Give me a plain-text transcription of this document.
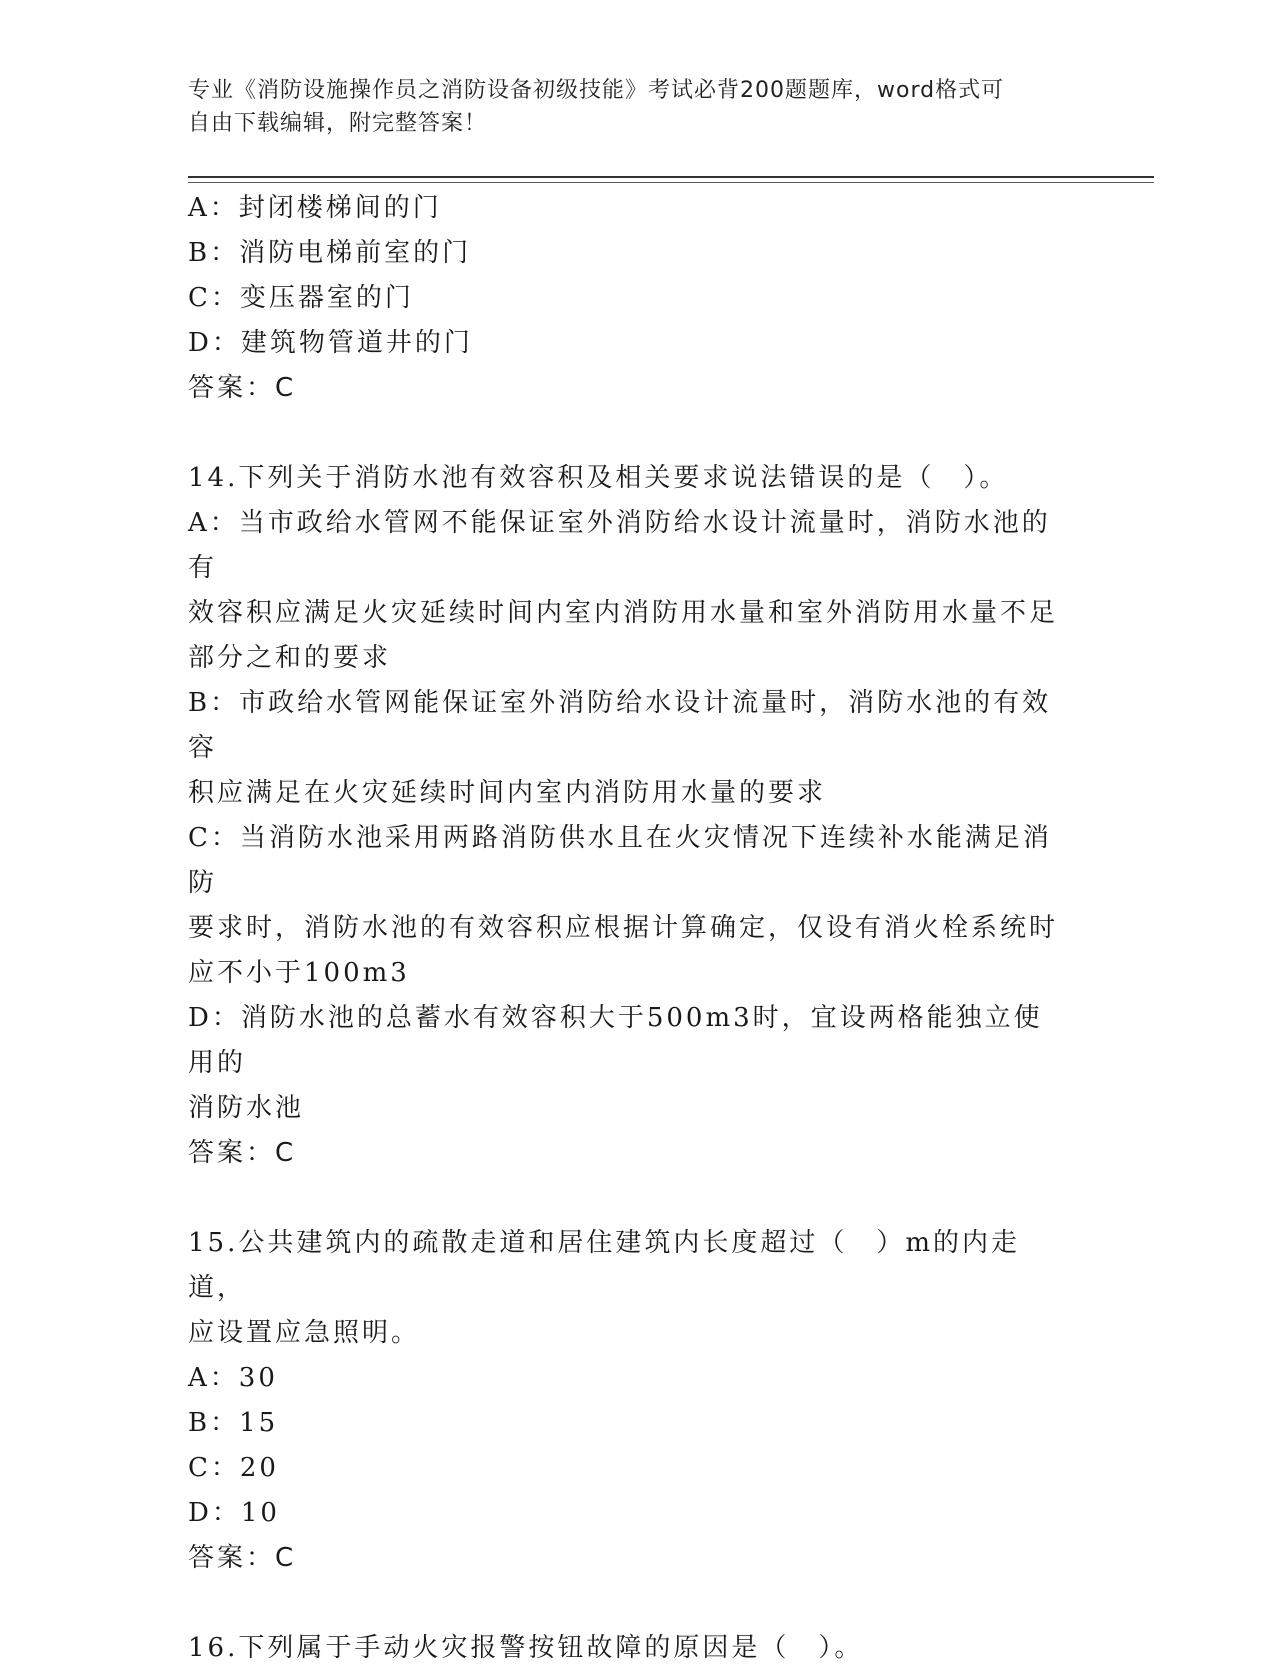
专业《消防设施操作员之消防设备初级技能》考试必背200题题库，word格式可
自由下载编辑，附完整答案！
A：封闭楼梯间的门
B：消防电梯前室的门
C：变压器室的门
D：建筑物管道井的门
答案：C
14.下列关于消防水池有效容积及相关要求说法错误的是（　）。
A：当市政给水管网不能保证室外消防给水设计流量时，消防水池的有
效容积应满足火灾延续时间内室内消防用水量和室外消防用水量不足
部分之和的要求
B：市政给水管网能保证室外消防给水设计流量时，消防水池的有效容
积应满足在火灾延续时间内室内消防用水量的要求
C：当消防水池采用两路消防供水且在火灾情况下连续补水能满足消防
要求时，消防水池的有效容积应根据计算确定，仅设有消火栓系统时
应不小于100m3
D：消防水池的总蓄水有效容积大于500m3时，宜设两格能独立使用的
消防水池
答案：C
15.公共建筑内的疏散走道和居住建筑内长度超过（　）m的内走道，
应设置应急照明。
A：30
B：15
C：20
D：10
答案：C
16.下列属于手动火灾报警按钮故障的原因是（　）。
